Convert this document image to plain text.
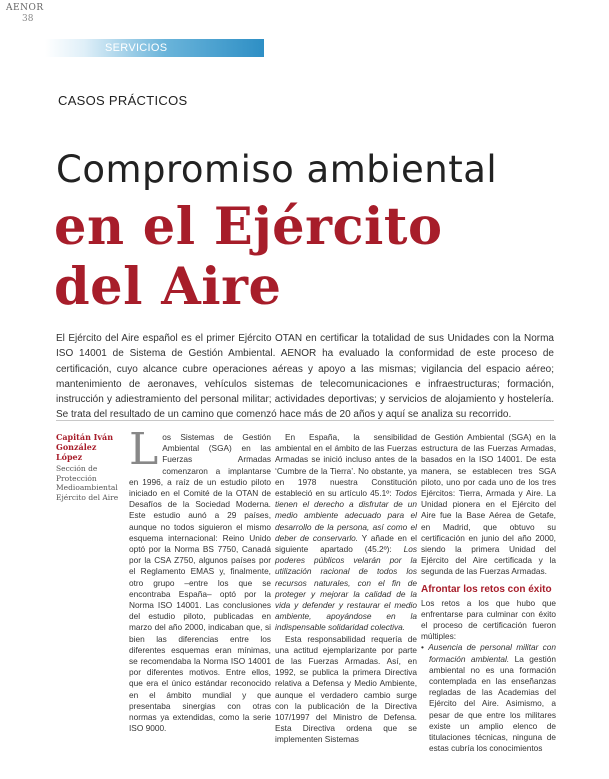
AENOR
38
SERVICIOS
CASOS PRÁCTICOS
Compromiso ambiental
en el Ejército
del Aire
El Ejército del Aire español es el primer Ejército OTAN en certificar la totalidad de sus Unidades con la Norma ISO 14001 de Sistema de Gestión Ambiental. AENOR ha evaluado la conformidad de este proceso de certificación, cuyo alcance cubre operaciones aéreas y apoyo a las mismas; vigilancia del espacio aéreo; mantenimiento de aeronaves, vehículos sistemas de telecomunicaciones e infraestructuras; formación, instrucción y adiestramiento del personal militar; actividades deportivas; y servicios de alojamiento y hostelería. Se trata del resultado de un camino que comenzó hace más de 20 años y aquí se analiza su recorrido.
Capitán Iván González López
Sección de Protección Medioambiental Ejército del Aire

Los Sistemas de Gestión Ambiental (SGA) en las Fuerzas Armadas comenzaron a implantarse en 1996, a raíz de un estudio piloto iniciado en el Comité de la OTAN de Desafíos de la Sociedad Moderna. Este estudio aunó a 29 países, aunque no todos siguieron el mismo esquema internacional: Reino Unido optó por la Norma BS 7750, Canadá por la CSA Z750, algunos países por el Reglamento EMAS y, finalmente, otro grupo –entre los que se encontraba España– optó por la Norma ISO 14001. Las conclusiones del estudio piloto, publicadas en marzo del año 2000, indicaban que, si bien las diferencias entre los diferentes esquemas eran mínimas, se recomendaba la Norma ISO 14001 por diferentes motivos. Entre ellos, que era el único estándar reconocido en el ámbito mundial y que presentaba sinergias con otras normas ya extendidas, como la serie ISO 9000.

En España, la sensibilidad ambiental en el ámbito de las Fuerzas Armadas se inició incluso antes de la ‘Cumbre de la Tierra’. No obstante, ya en 1978 nuestra Constitución estableció en su artículo 45.1º: Todos tienen el derecho a disfrutar de un medio ambiente adecuado para el desarrollo de la persona, así como el deber de conservarlo. Y añade en el siguiente apartado (45.2º): Los poderes públicos velarán por la utilización racional de todos los recursos naturales, con el fin de proteger y mejorar la calidad de la vida y defender y restaurar el medio ambiente, apoyándose en la indispensable solidaridad colectiva.

Esta responsabilidad requería de una actitud ejemplarizante por parte de las Fuerzas Armadas. Así, en 1992, se publica la primera Directiva relativa a Defensa y Medio Ambiente, aunque el verdadero cambio surge con la publicación de la Directiva 107/1997 del Ministro de Defensa. Esta Directiva ordena que se implementen Sistemas

de Gestión Ambiental (SGA) en la estructura de las Fuerzas Armadas, basados en la ISO 14001. De esta manera, se establecen tres SGA piloto, uno por cada uno de los tres Ejércitos: Tierra, Armada y Aire. La Unidad pionera en el Ejército del Aire fue la Base Aérea de Getafe, en Madrid, que obtuvo su certificación en junio del año 2000, siendo la primera Unidad del Ejército del Aire certificada y la segunda de las Fuerzas Armadas.

Afrontar los retos con éxito

Los retos a los que hubo que enfrentarse para culminar con éxito el proceso de certificación fueron múltiples:

• Ausencia de personal militar con formación ambiental. La gestión ambiental no es una formación contemplada en las enseñanzas regladas de las Academias del Ejército del Aire. Asimismo, a pesar de que entre los militares existe un amplio elenco de titulaciones técnicas, ninguna de estas cubría los conocimientos
